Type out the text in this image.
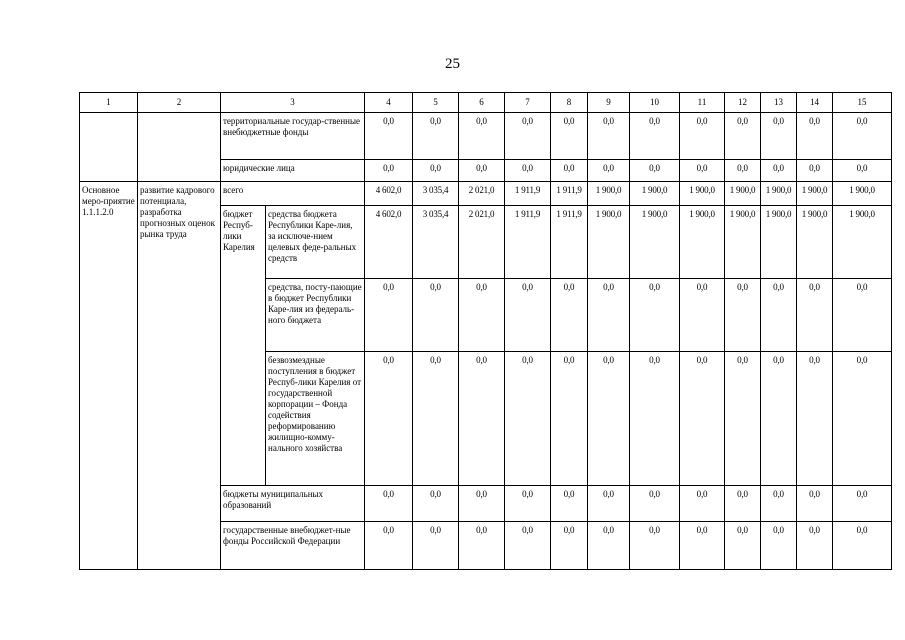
25
1	2	3		4	5	6	7	8	9	10	11	12	13	14	15
		территориальные государ-ственные внебюджетные фонды		0,0	0,0	0,0	0,0	0,0	0,0	0,0	0,0	0,0	0,0	0,0	0,0
		юридические лица		0,0	0,0	0,0	0,0	0,0	0,0	0,0	0,0	0,0	0,0	0,0	0,0
Основное меро-приятие 1.1.1.2.0	развитие кадрового потенциала, разработка прогнозных оценок рынка труда	всего		4 602,0	3 035,4	2 021,0	1 911,9	1 911,9	1 900,0	1 900,0	1 900,0	1 900,0	1 900,0	1 900,0	1 900,0
		бюджет Респуб-лики Карелия	средства бюджета Республики Каре-лия, за исключе-нием целевых феде-ральных средств	4 602,0	3 035,4	2 021,0	1 911,9	1 911,9	1 900,0	1 900,0	1 900,0	1 900,0	1 900,0	1 900,0	1 900,0
			средства, посту-пающие в бюджет Республики Каре-лия из федераль-ного бюджета	0,0	0,0	0,0	0,0	0,0	0,0	0,0	0,0	0,0	0,0	0,0	0,0
			безвозмездные поступления в бюджет Респуб-лики Карелия от государственной корпорации – Фонда содействия реформированию жилищно-комму-нального хозяйства	0,0	0,0	0,0	0,0	0,0	0,0	0,0	0,0	0,0	0,0	0,0	0,0
		бюджеты муниципальных образований		0,0	0,0	0,0	0,0	0,0	0,0	0,0	0,0	0,0	0,0	0,0	0,0
		государственные внебюджет-ные фонды Российской Федерации		0,0	0,0	0,0	0,0	0,0	0,0	0,0	0,0	0,0	0,0	0,0	0,0
